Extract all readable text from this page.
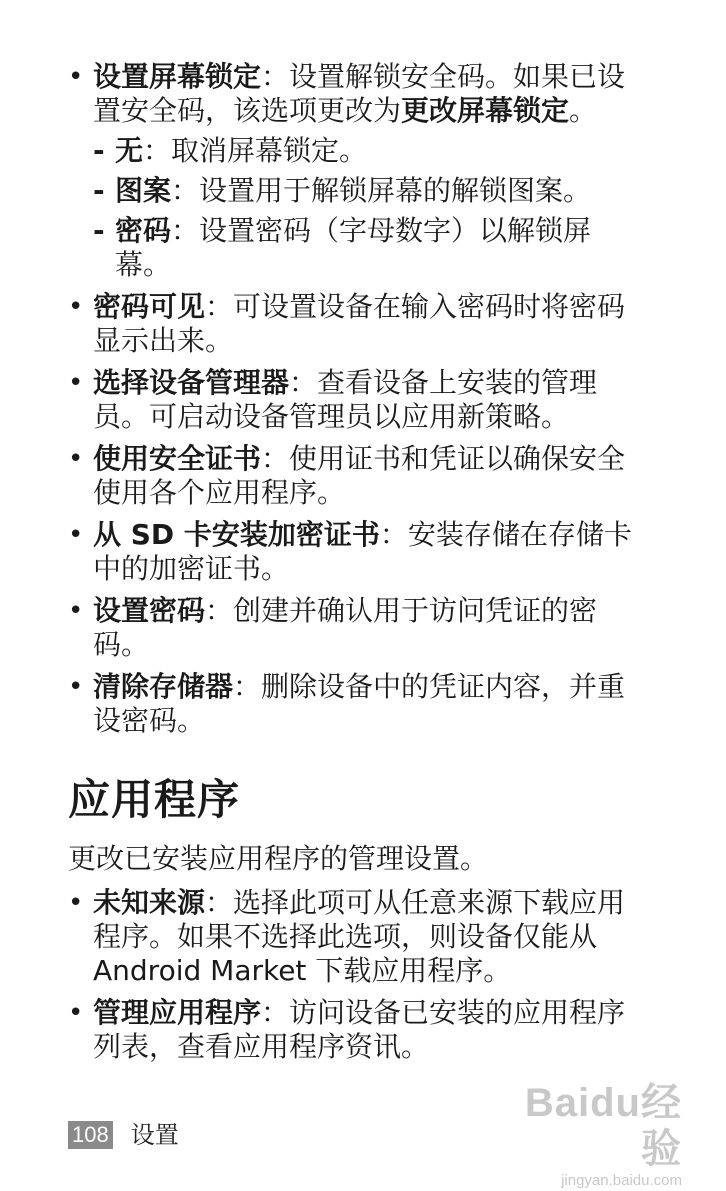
• 设置屏幕锁定：设置解锁安全码。如果已设置安全码，该选项更改为更改屏幕锁定。
- 无：取消屏幕锁定。
- 图案：设置用于解锁屏幕的解锁图案。
- 密码：设置密码（字母数字）以解锁屏幕。
• 密码可见：可设置设备在输入密码时将密码显示出来。
• 选择设备管理器：查看设备上安装的管理员。可启动设备管理员以应用新策略。
• 使用安全证书：使用证书和凭证以确保安全使用各个应用程序。
• 从 SD 卡安装加密证书：安装存储在存储卡中的加密证书。
• 设置密码：创建并确认用于访问凭证的密码。
• 清除存储器：删除设备中的凭证内容，并重设密码。
应用程序

更改已安装应用程序的管理设置。

• 未知来源：选择此项可从任意来源下载应用程序。如果不选择此选项，则设备仅能从 Android Market 下载应用程序。
• 管理应用程序：访问设备已安装的应用程序列表，查看应用程序资讯。
108 设置
Baidu经验
jingyan.baidu.com
